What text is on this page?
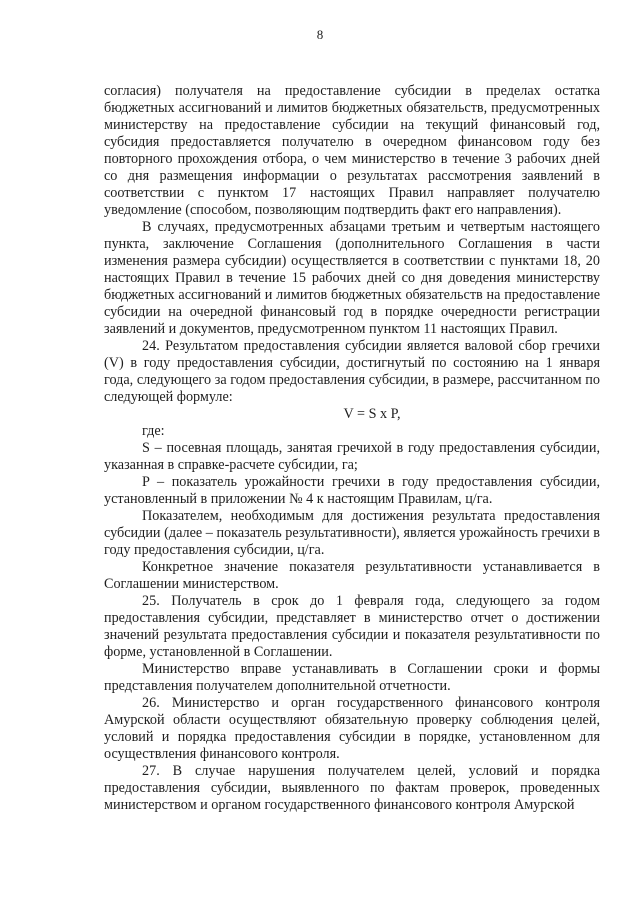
8

согласия) получателя на предоставление субсидии в пределах остатка бюджетных ассигнований и лимитов бюджетных обязательств, предусмотренных министерству на предоставление субсидии на текущий финансовый год, субсидия предоставляется получателю в очередном финансовом году без повторного прохождения отбора, о чем министерство в течение 3 рабочих дней со дня размещения информации о результатах рассмотрения заявлений в соответствии с пунктом 17 настоящих Правил направляет получателю уведомление (способом, позволяющим подтвердить факт его направления).

В случаях, предусмотренных абзацами третьим и четвертым настоящего пункта, заключение Соглашения (дополнительного Соглашения в части изменения размера субсидии) осуществляется в соответствии с пунктами 18, 20 настоящих Правил в течение 15 рабочих дней со дня доведения министерству бюджетных ассигнований и лимитов бюджетных обязательств на предоставление субсидии на очередной финансовый год в порядке очередности регистрации заявлений и документов, предусмотренном пунктом 11 настоящих Правил.

24. Результатом предоставления субсидии является валовой сбор гречихи (V) в году предоставления субсидии, достигнутый по состоянию на 1 января года, следующего за годом предоставления субсидии, в размере, рассчитанном по следующей формуле:

V = S x P,

где:

S – посевная площадь, занятая гречихой в году предоставления субсидии, указанная в справке-расчете субсидии, га;

P – показатель урожайности гречихи в году предоставления субсидии, установленный в приложении № 4 к настоящим Правилам, ц/га.

Показателем, необходимым для достижения результата предоставления субсидии (далее – показатель результативности), является урожайность гречихи в году предоставления субсидии, ц/га.

Конкретное значение показателя результативности устанавливается в Соглашении министерством.

25. Получатель в срок до 1 февраля года, следующего за годом предоставления субсидии, представляет в министерство отчет о достижении значений результата предоставления субсидии и показателя результативности по форме, установленной в Соглашении.

Министерство вправе устанавливать в Соглашении сроки и формы представления получателем дополнительной отчетности.

26. Министерство и орган государственного финансового контроля Амурской области осуществляют обязательную проверку соблюдения целей, условий и порядка предоставления субсидии в порядке, установленном для осуществления финансового контроля.

27. В случае нарушения получателем целей, условий и порядка предоставления субсидии, выявленного по фактам проверок, проведенных министерством и органом государственного финансового контроля Амурской
